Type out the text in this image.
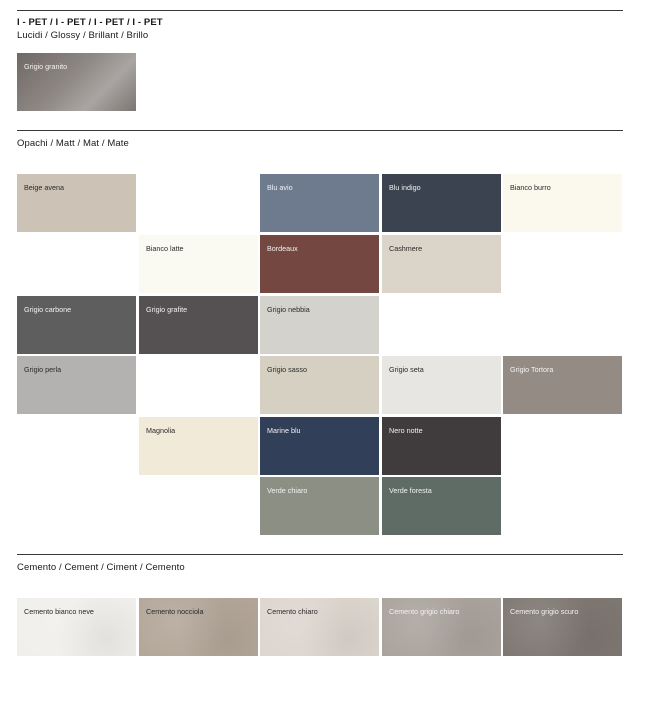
I - PET / I - PET / I - PET / I - PET
Lucidi / Glossy / Brillant / Brillo
Grigio granito
Opachi / Matt / Mat / Mate
Beige avena	Blu avio	Blu indigo	Bianco burro
Bianco latte	Bordeaux	Cashmere
Grigio carbone	Grigio grafite	Grigio nebbia
Grigio perla	Grigio sasso	Grigio seta	Grigio Tortora
Magnolia	Marine blu	Nero notte
Verde chiaro	Verde foresta
Cemento / Cement / Ciment / Cemento
Cemento bianco neve	Cemento nocciola	Cemento chiaro	Cemento grigio chiaro	Cemento grigio scuro
